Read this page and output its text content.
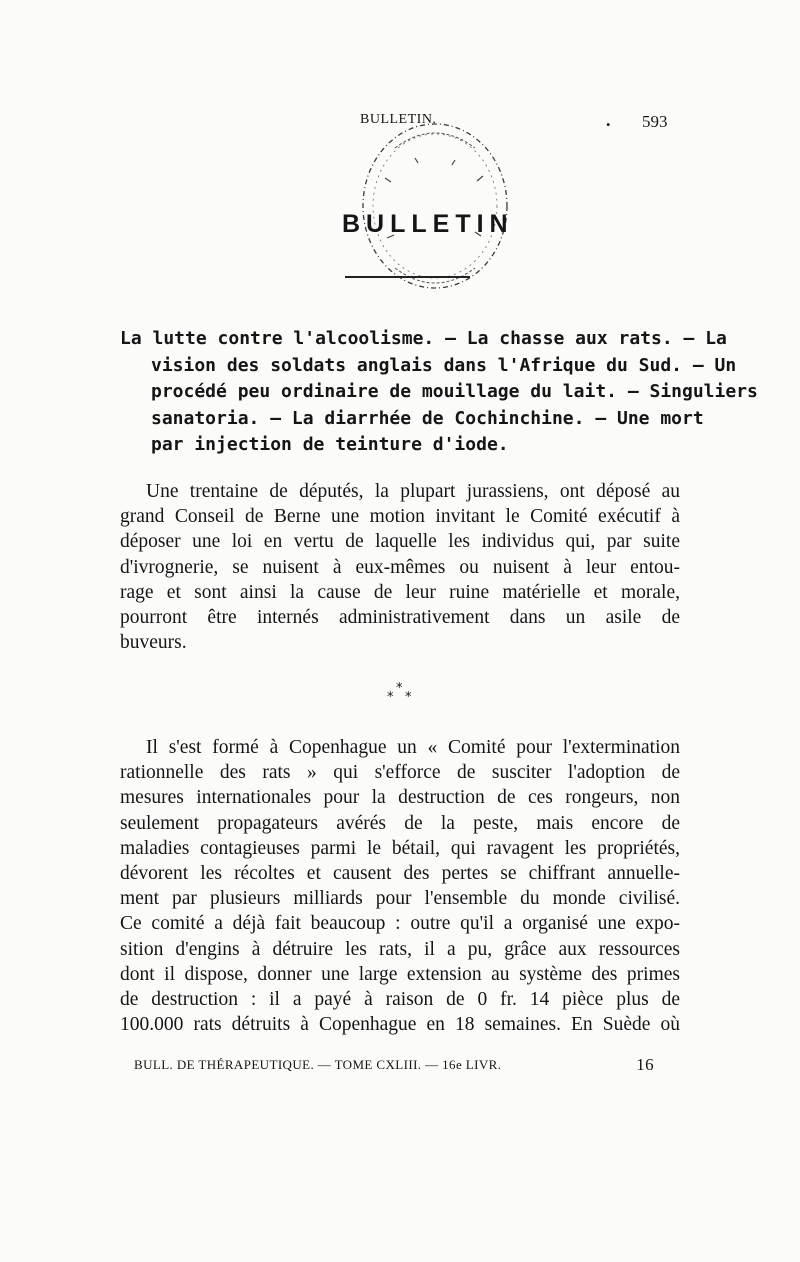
BULLETIN.	. 593
BULLETIN
La lutte contre l'alcoolisme. — La chasse aux rats. — La
vision des soldats anglais dans l'Afrique du Sud. — Un
procédé peu ordinaire de mouillage du lait. — Singuliers
sanatoria. — La diarrhée de Cochinchine. — Une mort
par injection de teinture d'iode.
Une trentaine de députés, la plupart jurassiens, ont déposé au
grand Conseil de Berne une motion invitant le Comité exécutif à
déposer une loi en vertu de laquelle les individus qui, par suite
d'ivrognerie, se nuisent à eux-mêmes ou nuisent à leur entou-
rage et sont ainsi la cause de leur ruine matérielle et morale,
pourront être internés administrativement dans un asile de
buveurs.
*
* *
Il s'est formé à Copenhague un « Comité pour l'extermination
rationnelle des rats » qui s'efforce de susciter l'adoption de
mesures internationales pour la destruction de ces rongeurs, non
seulement propagateurs avérés de la peste, mais encore de
maladies contagieuses parmi le bétail, qui ravagent les propriétés,
dévorent les récoltes et causent des pertes se chiffrant annuelle-
ment par plusieurs milliards pour l'ensemble du monde civilisé.
Ce comité a déjà fait beaucoup : outre qu'il a organisé une expo-
sition d'engins à détruire les rats, il a pu, grâce aux ressources
dont il dispose, donner une large extension au système des primes
de destruction : il a payé à raison de 0 fr. 14 pièce plus de
100.000 rats détruits à Copenhague en 18 semaines. En Suède où
BULL. DE THÉRAPEUTIQUE. — TOME CXLIII. — 16e LIVR.	16
